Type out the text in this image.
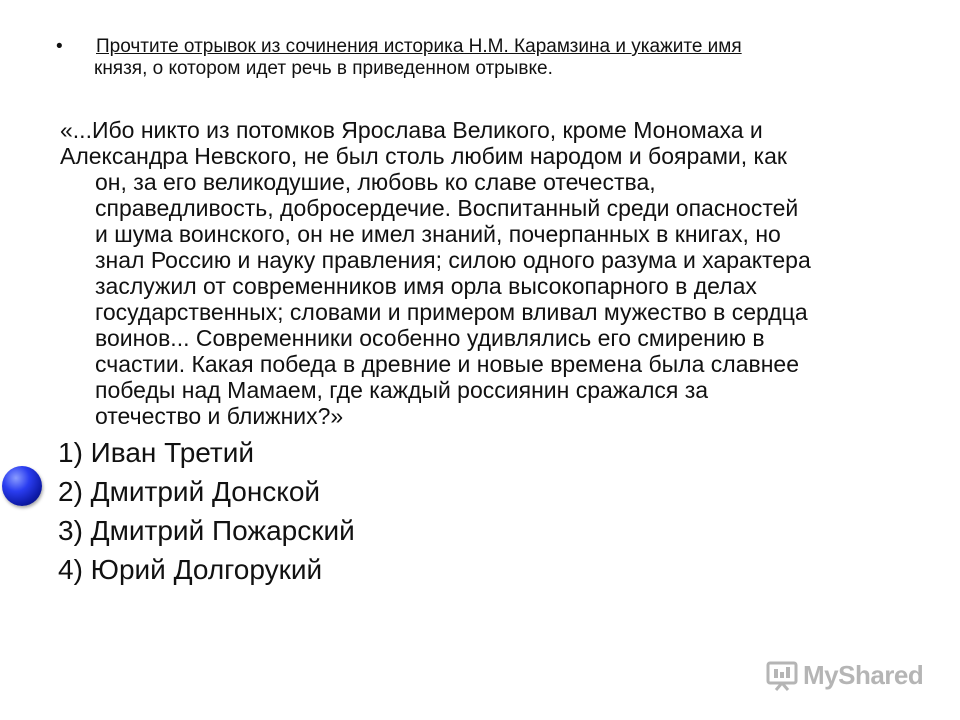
• Прочтите отрывок из сочинения историка Н.М. Карамзина и укажите имя
князя, о котором идет речь в приведенном отрывке.
«...Ибо никто из потомков Ярослава Великого, кроме Мономаха и
Александра Невского, не был столь любим народом и боярами, как
он, за его великодушие, любовь ко славе отечества,
справедливость, добросердечие. Воспитанный среди опасностей
и шума воинского, он не имел знаний, почерпанных в книгах, но
знал Россию и науку правления; силою одного разума и характера
заслужил от современников имя орла высокопарного в делах
государственных; словами и примером вливал мужество в сердца
воинов... Современники особенно удивлялись его смирению в
счастии. Какая победа в древние и новые времена была славнее
победы над Мамаем, где каждый россиянин сражался за
отечество и ближних?»
1) Иван Третий
2) Дмитрий Донской
3) Дмитрий Пожарский
4) Юрий Долгорукий
MyShared
